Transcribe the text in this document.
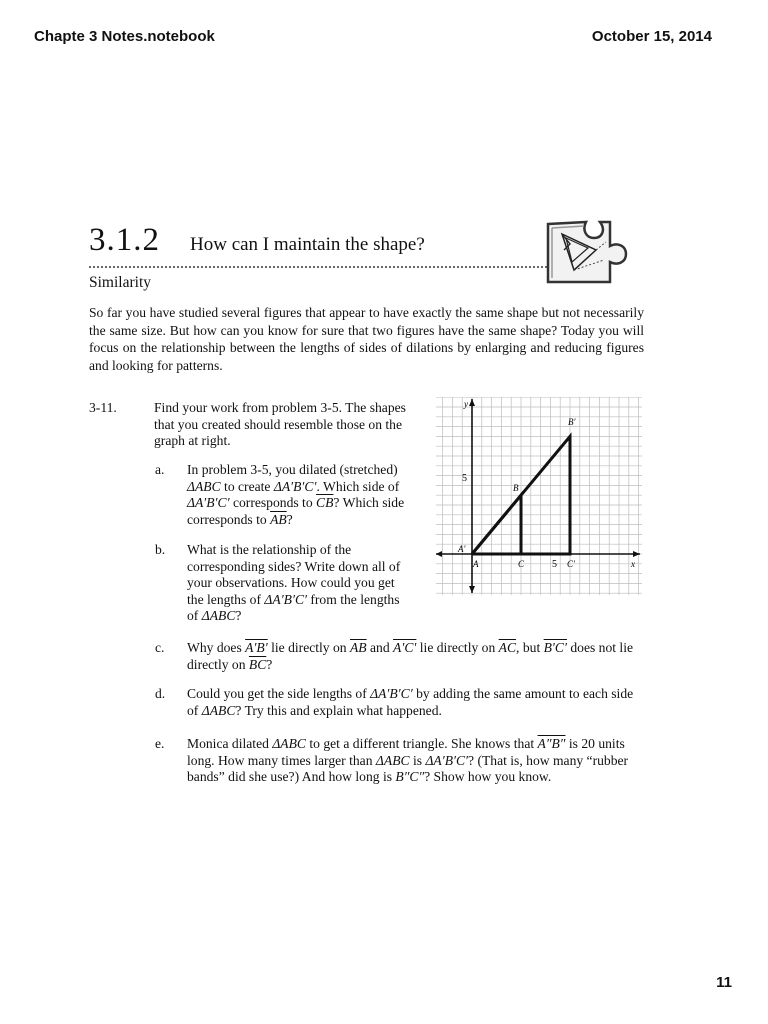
Chapte 3 Notes.notebook	October 15, 2014
3.1.2 How can I maintain the shape?
Similarity
So far you have studied several figures that appear to have exactly the same shape but not necessarily the same size. But how can you know for sure that two figures have the same shape? Today you will focus on the relationship between the lengths of sides of dilations by enlarging and reducing figures and looking for patterns.
3-11.	Find your work from problem 3-5. The shapes that you created should resemble those on the graph at right.
a. In problem 3-5, you dilated (stretched) ΔABC to create ΔA′B′C′. Which side of ΔA′B′C′ corresponds to $\overline{CB}$? Which side corresponds to $\overline{AB}$?
b. What is the relationship of the corresponding sides? Write down all of your observations. How could you get the lengths of ΔA′B′C′ from the lengths of ΔABC?
c. Why does A′B′ lie directly on $\overline{AB}$ and A′C′ lie directly on $\overline{AC}$, but B′C′ does not lie directly on $\overline{BC}$?
d. Could you get the side lengths of ΔA′B′C′ by adding the same amount to each side of ΔABC? Try this and explain what happened.
e. Monica dilated ΔABC to get a different triangle. She knows that A″B″ is 20 units long. How many times larger than ΔABC is ΔA′B′C′? (That is, how many “rubber bands” did she use?) And how long is B″C″? Show how you know.
y
x
5
5
A′
A	C	C′
B
B′
11
